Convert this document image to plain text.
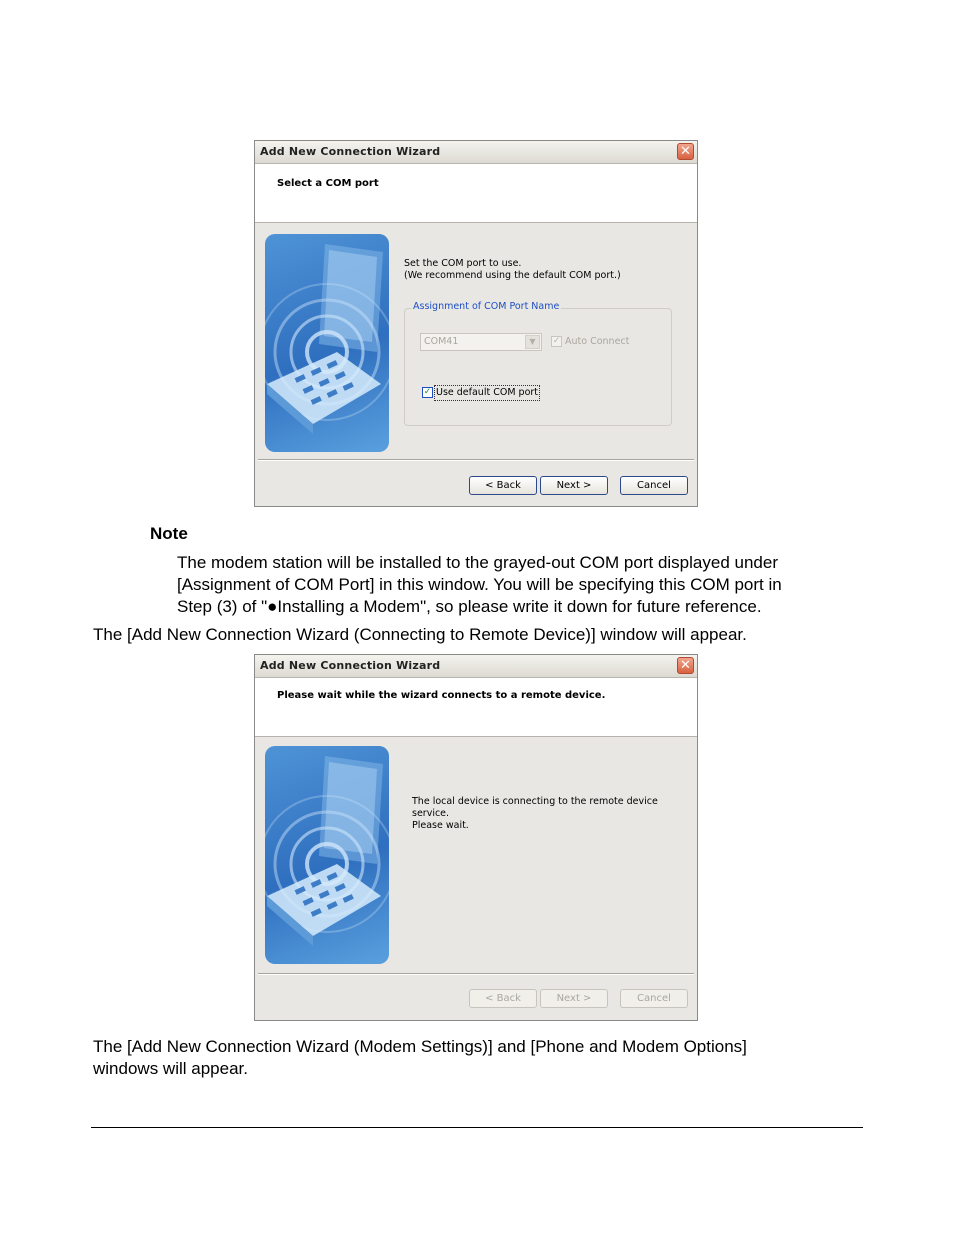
Add New Connection Wizard	✕
Select a COM port
Set the COM port to use.
(We recommend using the default COM port.)
Assignment of COM Port Name
COM41	▼	✓ Auto Connect
✓ Use default COM port
< Back	Next >	Cancel
Note
The modem station will be installed to the grayed-out COM port displayed under
[Assignment of COM Port] in this window. You will be specifying this COM port in
Step (3) of "●Installing a Modem", so please write it down for future reference.
The [Add New Connection Wizard (Connecting to Remote Device)] window will appear.
Add New Connection Wizard	✕
Please wait while the wizard connects to a remote device.
The local device is connecting to the remote device
service.
Please wait.
< Back	Next >	Cancel
The [Add New Connection Wizard (Modem Settings)] and [Phone and Modem Options]
windows will appear.
